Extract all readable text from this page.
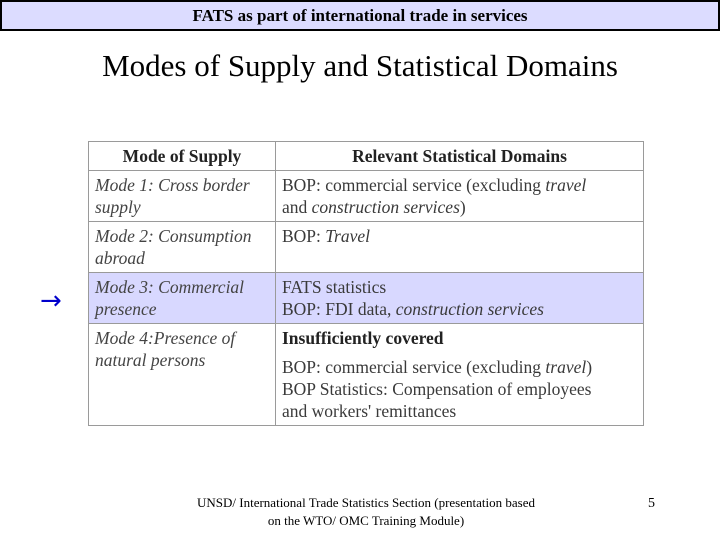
FATS as part of international trade in services
Modes of Supply and Statistical Domains
→
Mode of Supply	Relevant Statistical Domains
Mode 1: Cross border supply	BOP: commercial service (excluding travel
and construction services)

Mode 2: Consumption abroad	BOP: Travel

Mode 3: Commercial presence	FATS statistics
BOP: FDI data, construction services

Mode 4:Presence of natural persons	Insufficiently covered
BOP: commercial service (excluding travel)
BOP Statistics: Compensation of employees
and workers' remittances
UNSD/ International Trade Statistics Section (presentation based on the WTO/ OMC Training Module)
5
